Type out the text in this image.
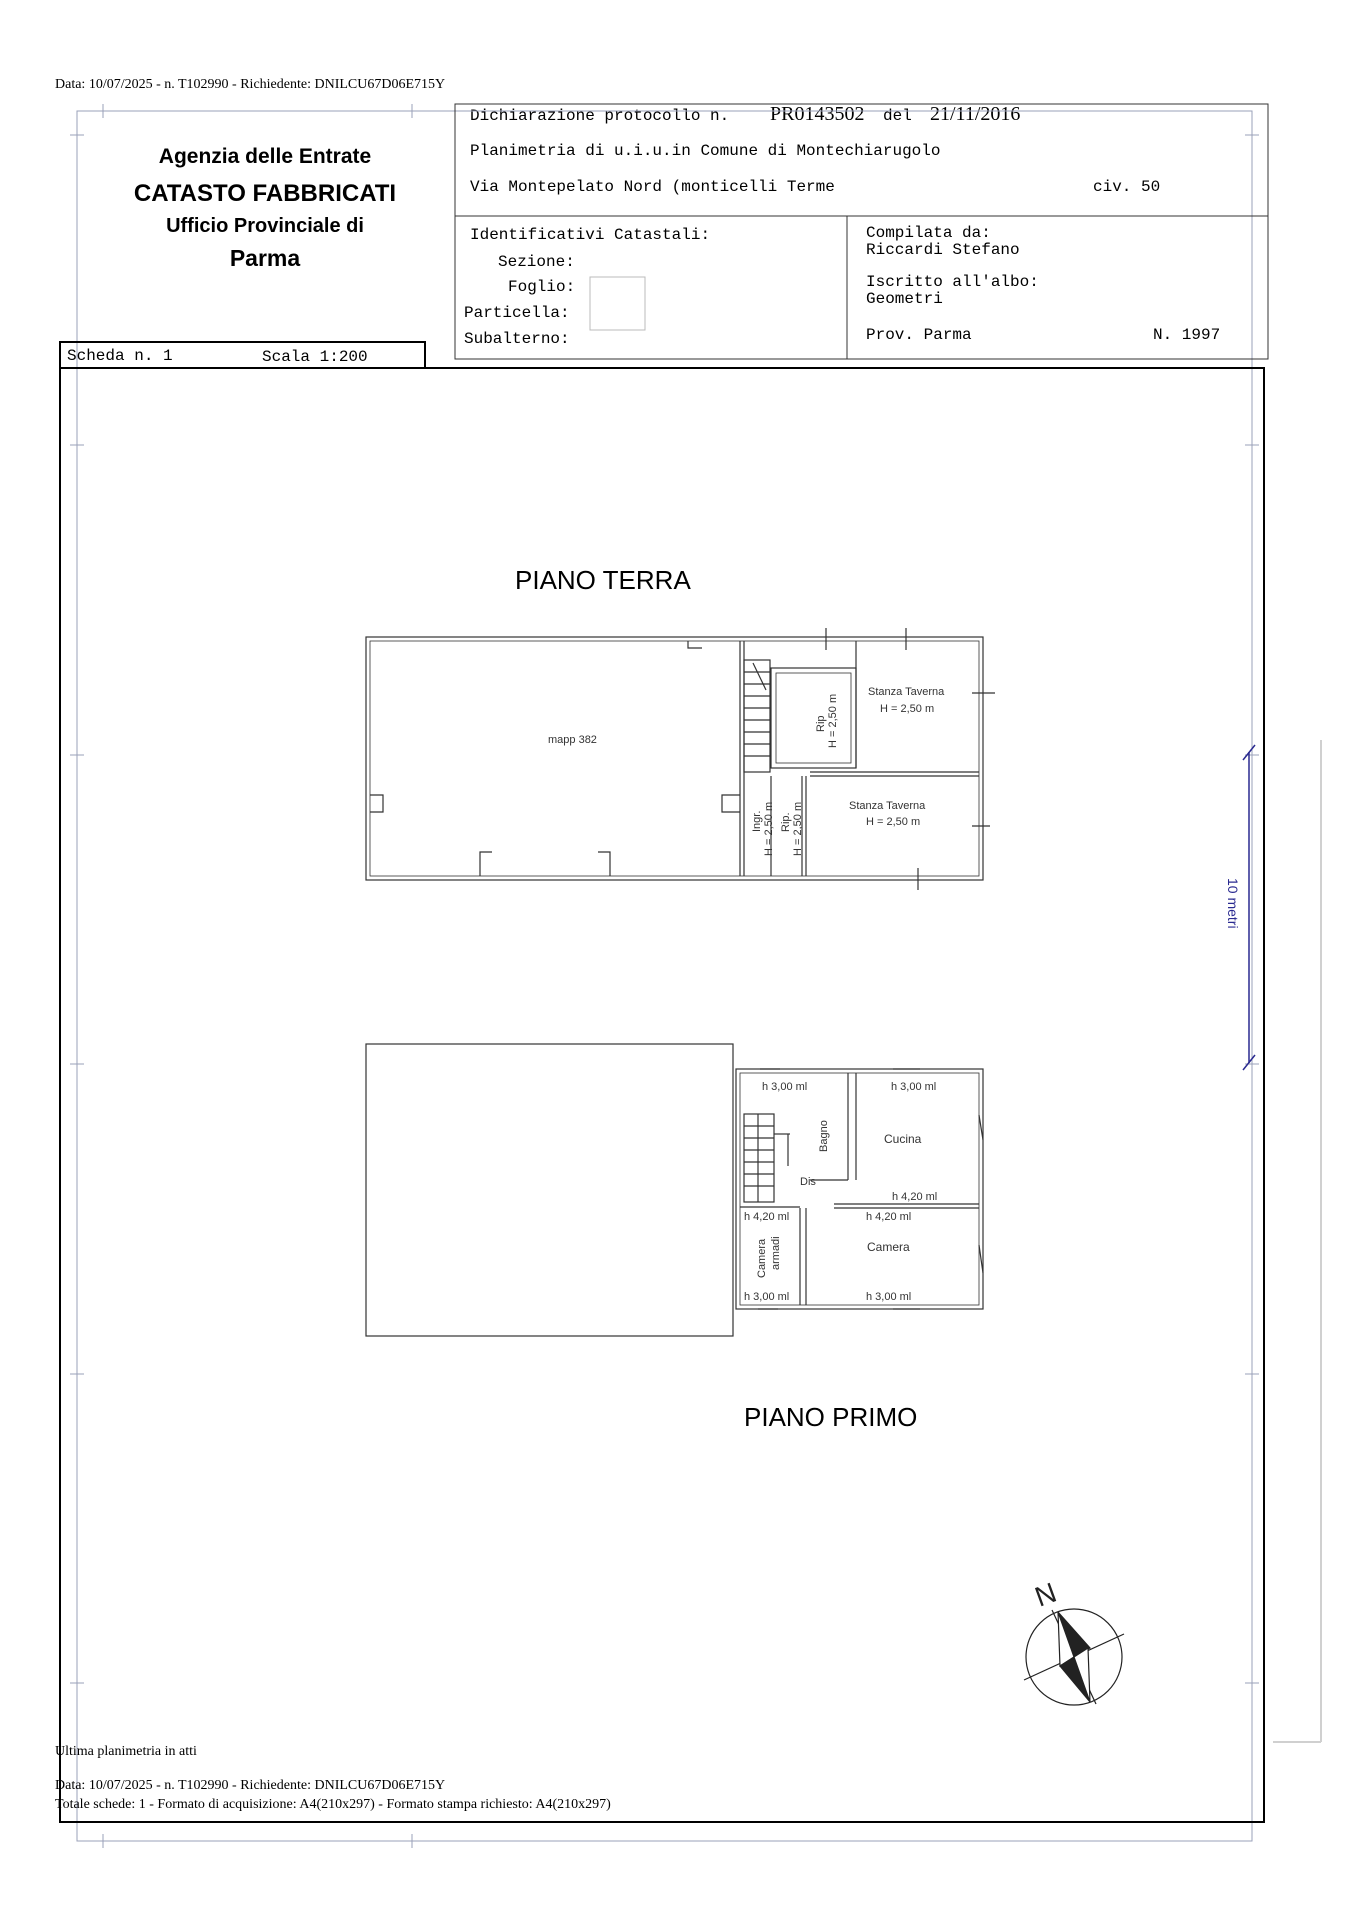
Data: 10/07/2025 - n. T102990 - Richiedente: DNILCU67D06E715Y
Agenzia delle Entrate
CATASTO FABBRICATI
Ufficio Provinciale di
Parma
Dichiarazione protocollo n. PR0143502 del 21/11/2016
Planimetria di u.i.u.in Comune di Montechiarugolo
Via Montepelato Nord (monticelli Terme	civ. 50
Identificativi Catastali:
Sezione:
Foglio:
Particella:
Subalterno:
Compilata da:
Riccardi Stefano
Iscritto all'albo:
Geometri
Prov. Parma	N. 1997
Scheda n. 1	Scala 1:200
PIANO TERRA
PIANO PRIMO
mapp 382
Rip H = 2,50 m
Stanza Taverna
H = 2,50 m
Ingr. H = 2,50 m Rip. H = 2,50 m	Stanza Taverna
H = 2,50 m
h 3,00 ml	h 3,00 ml
Bagno	Cucina
Dis
h 4,20 ml
h 4,20 ml	h 4,20 ml
Camera armadi	Camera
h 3,00 ml	h 3,00 ml
10 metri
N
Ultima planimetria in atti
Data: 10/07/2025 - n. T102990 - Richiedente: DNILCU67D06E715Y
Totale schede: 1 - Formato di acquisizione: A4(210x297) - Formato stampa richiesto: A4(210x297)
